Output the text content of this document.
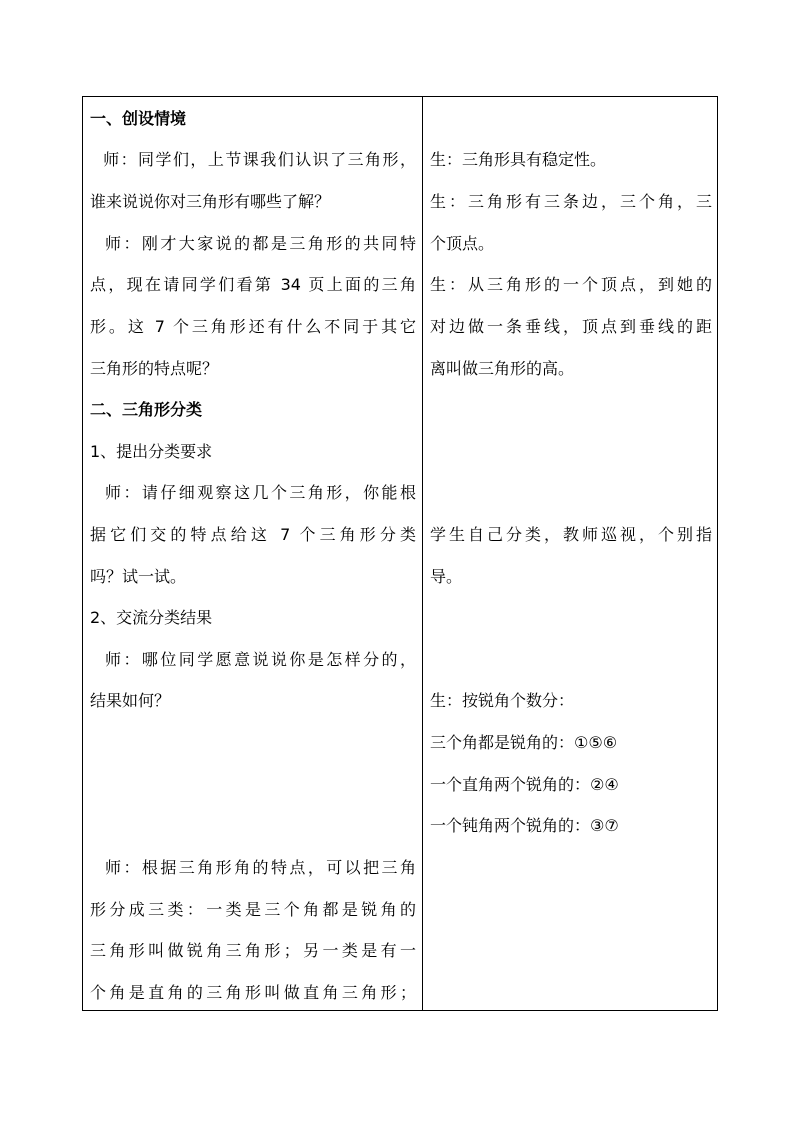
一、创设情境
师：同学们，上节课我们认识了三角形，
谁来说说你对三角形有哪些了解？
师：刚才大家说的都是三角形的共同特
点，现在请同学们看第 34 页上面的三角
形。这 7 个三角形还有什么不同于其它
三角形的特点呢？
二、三角形分类
1、提出分类要求
师：请仔细观察这几个三角形，你能根
据它们交的特点给这 7 个三角形分类
吗？试一试。
2、交流分类结果
师：哪位同学愿意说说你是怎样分的，
结果如何？
师：根据三角形角的特点，可以把三角
形分成三类：一类是三个角都是锐角的
三角形叫做锐角三角形；另一类是有一
个角是直角的三角形叫做直角三角形；
生：三角形具有稳定性。
生：三角形有三条边，三个角，三
个顶点。
生：从三角形的一个顶点，到她的
对边做一条垂线，顶点到垂线的距
离叫做三角形的高。
学生自己分类，教师巡视，个别指
导。
生：按锐角个数分：
三个角都是锐角的：①⑤⑥
一个直角两个锐角的：②④
一个钝角两个锐角的：③⑦
